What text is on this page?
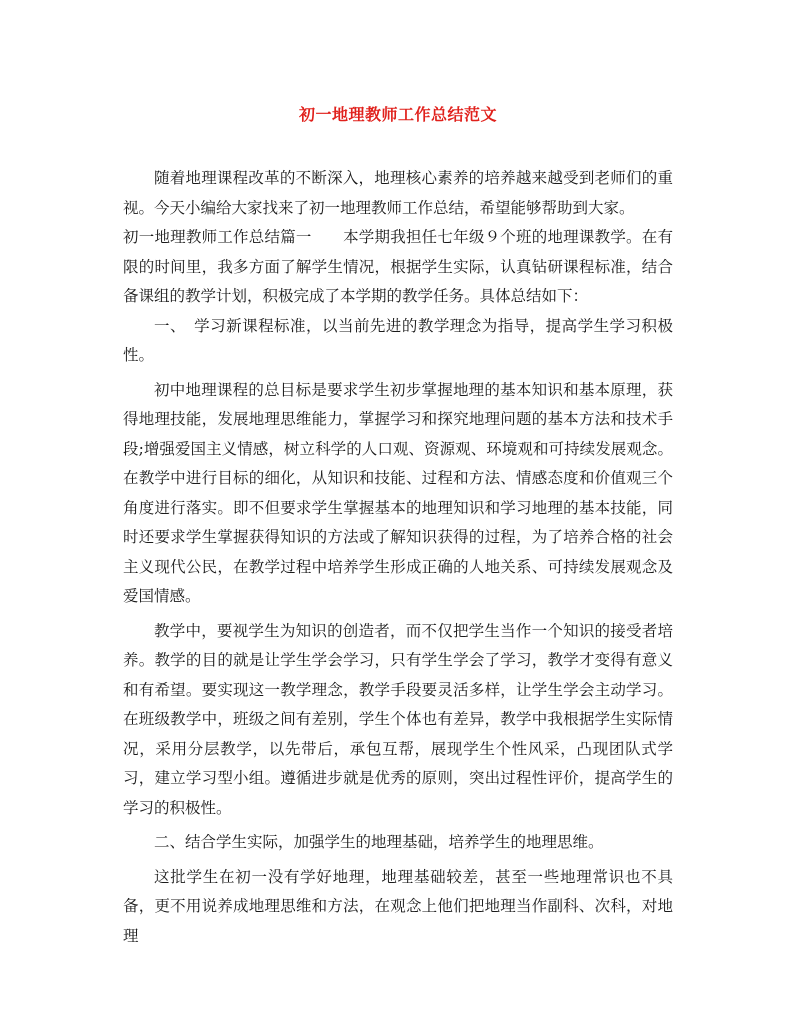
初一地理教师工作总结范文

随着地理课程改革的不断深入，地理核心素养的培养越来越受到老师们的重视。今天小编给大家找来了初一地理教师工作总结，希望能够帮助到大家。

初一地理教师工作总结篇一　　本学期我担任七年级９个班的地理课教学。在有限的时间里，我多方面了解学生情况，根据学生实际，认真钻研课程标准，结合备课组的教学计划，积极完成了本学期的教学任务。具体总结如下：

一、　学习新课程标准，以当前先进的教学理念为指导，提高学生学习积极性。

初中地理课程的总目标是要求学生初步掌握地理的基本知识和基本原理，获得地理技能，发展地理思维能力，掌握学习和探究地理问题的基本方法和技术手段;增强爱国主义情感，树立科学的人口观、资源观、环境观和可持续发展观念。在教学中进行目标的细化，从知识和技能、过程和方法、情感态度和价值观三个角度进行落实。即不但要求学生掌握基本的地理知识和学习地理的基本技能，同时还要求学生掌握获得知识的方法或了解知识获得的过程，为了培养合格的社会主义现代公民，在教学过程中培养学生形成正确的人地关系、可持续发展观念及爱国情感。

教学中，要视学生为知识的创造者，而不仅把学生当作一个知识的接受者培养。教学的目的就是让学生学会学习，只有学生学会了学习，教学才变得有意义和有希望。要实现这一教学理念，教学手段要灵活多样，让学生学会主动学习。在班级教学中，班级之间有差别，学生个体也有差异，教学中我根据学生实际情况，采用分层教学，以先带后，承包互帮，展现学生个性风采，凸现团队式学习，建立学习型小组。遵循进步就是优秀的原则，突出过程性评价，提高学生的学习的积极性。

二、结合学生实际，加强学生的地理基础，培养学生的地理思维。

这批学生在初一没有学好地理，地理基础较差，甚至一些地理常识也不具备，更不用说养成地理思维和方法，在观念上他们把地理当作副科、次科，对地理
